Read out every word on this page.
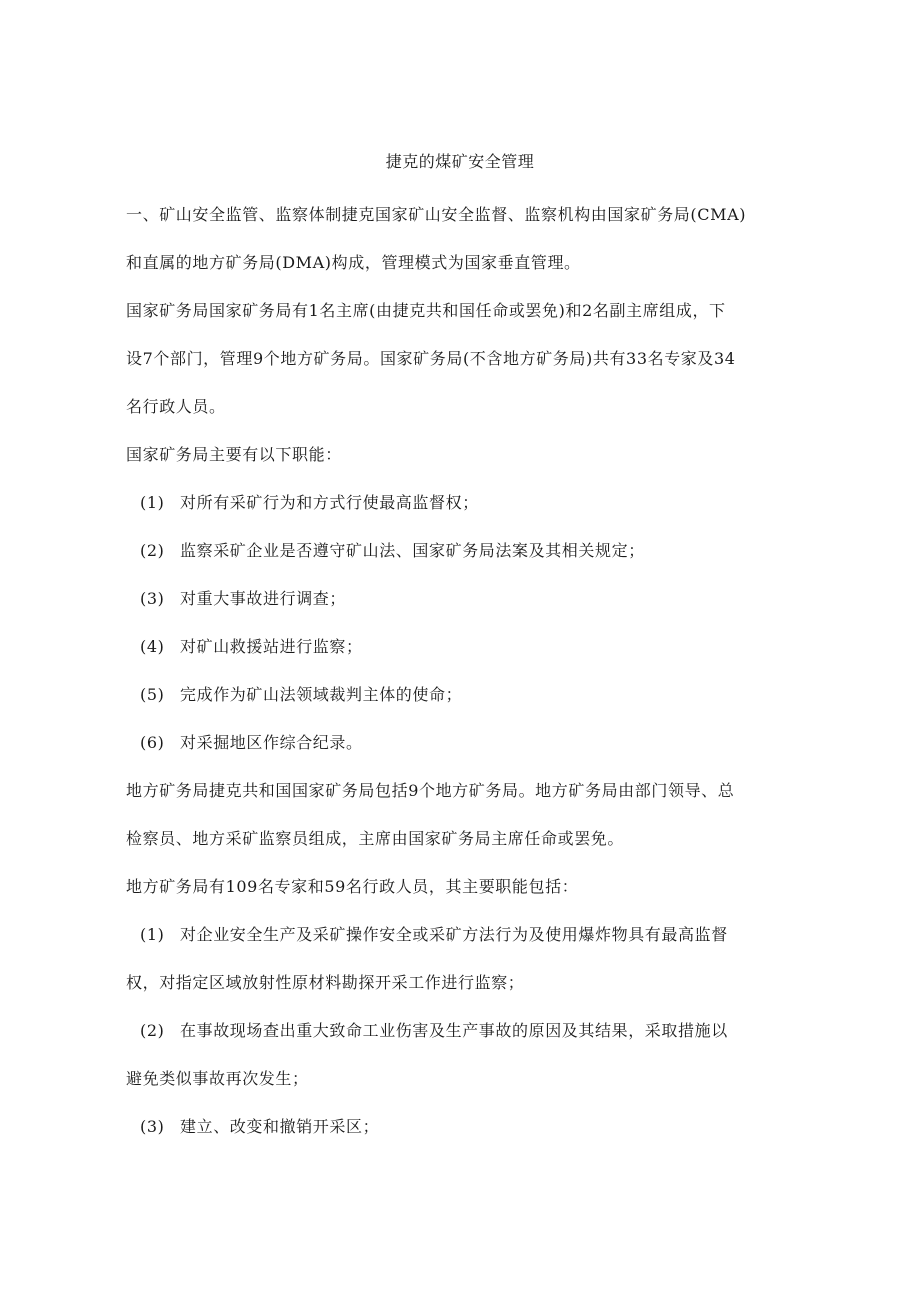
捷克的煤矿安全管理
一、矿山安全监管、监察体制捷克国家矿山安全监督、监察机构由国家矿务局(CMA)
和直属的地方矿务局(DMA)构成，管理模式为国家垂直管理。
国家矿务局国家矿务局有1名主席(由捷克共和国任命或罢免)和2名副主席组成，下
设7个部门，管理9个地方矿务局。国家矿务局(不含地方矿务局)共有33名专家及34
名行政人员。
国家矿务局主要有以下职能：
(1) 对所有采矿行为和方式行使最高监督权；
(2) 监察采矿企业是否遵守矿山法、国家矿务局法案及其相关规定；
(3) 对重大事故进行调查；
(4) 对矿山救援站进行监察；
(5) 完成作为矿山法领域裁判主体的使命；
(6) 对采掘地区作综合纪录。
地方矿务局捷克共和国国家矿务局包括9个地方矿务局。地方矿务局由部门领导、总
检察员、地方采矿监察员组成，主席由国家矿务局主席任命或罢免。
地方矿务局有109名专家和59名行政人员，其主要职能包括：
(1) 对企业安全生产及采矿操作安全或采矿方法行为及使用爆炸物具有最高监督
权，对指定区域放射性原材料勘探开采工作进行监察；
(2) 在事故现场查出重大致命工业伤害及生产事故的原因及其结果，采取措施以
避免类似事故再次发生；
(3) 建立、改变和撤销开采区；
